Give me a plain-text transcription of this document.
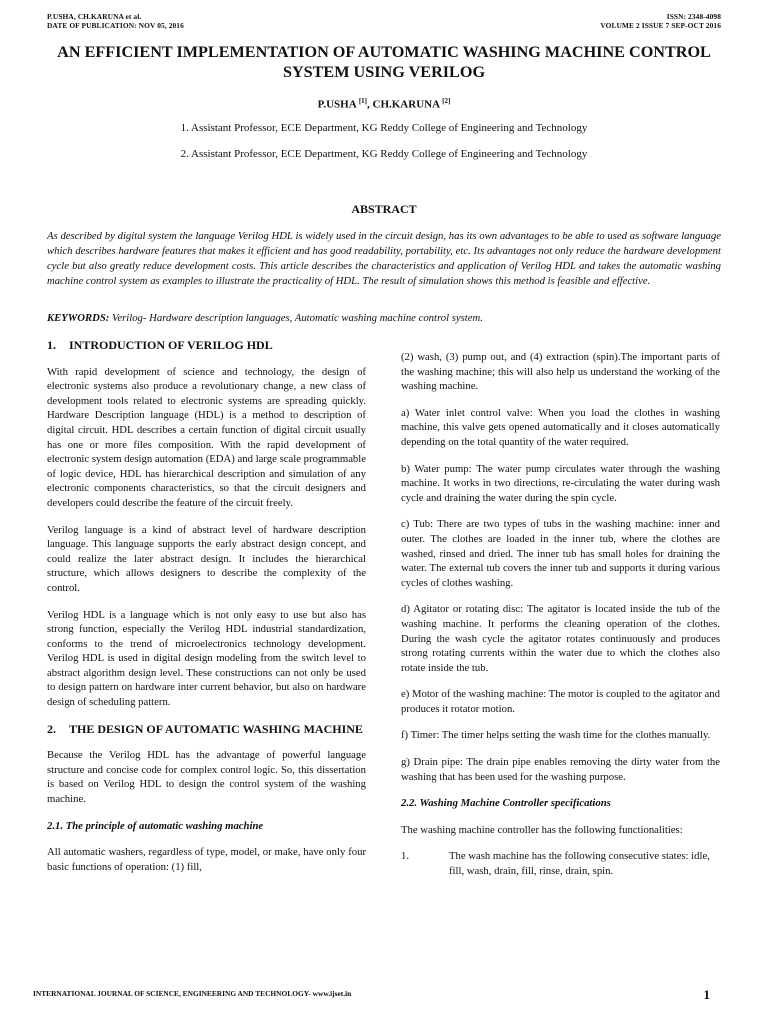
P.USHA, CH.KARUNA et al.
DATE OF PUBLICATION: NOV 05, 2016
ISSN: 2348-4098
VOLUME 2 ISSUE 7 SEP-OCT 2016
AN EFFICIENT IMPLEMENTATION OF AUTOMATIC WASHING MACHINE CONTROL SYSTEM USING VERILOG
P.USHA [1], CH.KARUNA [2]
1. Assistant Professor, ECE Department, KG Reddy College of Engineering and Technology
2. Assistant Professor, ECE Department, KG Reddy College of Engineering and Technology
ABSTRACT

As described by digital system the language Verilog HDL is widely used in the circuit design, has its own advantages to be able to used as software language which describes hardware features that makes it efficient and has good readability, portability, etc. Its advantages not only reduce the hardware development cycle but also greatly reduce development costs. This article describes the characteristics and application of Verilog HDL and takes the automatic washing machine control system as examples to illustrate the practicality of HDL. The result of simulation shows this method is feasible and effective.

KEYWORDS: Verilog- Hardware description languages, Automatic washing machine control system.

1.	INTRODUCTION OF VERILOG HDL

With rapid development of science and technology, the design of electronic systems also produce a revolutionary change, a new class of development tools related to electronic systems are spreading quickly. Hardware Description language (HDL) is a method to description of digital circuit. HDL describes a certain function of digital circuit usually has one or more files composition. With the rapid development of electronic system design automation (EDA) and large scale programmable of logic device, HDL has hierarchical description and simulation of any electronic components characteristics, so that the circuit designers and developers could describe the feature of the circuit freely.

Verilog language is a kind of abstract level of hardware description language. This language supports the early abstract design concept, and could realize the later abstract design. It includes the hierarchical structure, which allows designers to describe the complexity of the control.

Verilog HDL is a language which is not only easy to use but also has strong function, especially the Verilog HDL industrial standardization, conforms to the trend of microelectronics technology development. Verilog HDL is used in digital design modeling from the switch level to abstract algorithm design level. These constructions can not only be used to design pattern on hardware inter current behavior, but also on hardware design of scheduling pattern.

2.	THE DESIGN OF AUTOMATIC WASHING MACHINE

Because the Verilog HDL has the advantage of powerful language structure and concise code for complex control logic. So, this dissertation is based on Verilog HDL to design the control system of the washing machine.

2.1. The principle of automatic washing machine

All automatic washers, regardless of type, model, or make, have only four basic functions of operation: (1) fill,

(2) wash, (3) pump out, and (4) extraction (spin).The important parts of the washing machine; this will also help us understand the working of the washing machine.

a) Water inlet control valve: When you load the clothes in washing machine, this valve gets opened automatically and it closes automatically depending on the total quantity of the water required.

b) Water pump: The water pump circulates water through the washing machine. It works in two directions, re-circulating the water during wash cycle and draining the water during the spin cycle.

c) Tub: There are two types of tubs in the washing machine: inner and outer. The clothes are loaded in the inner tub, where the clothes are washed, rinsed and dried. The inner tub has small holes for draining the water. The external tub covers the inner tub and supports it during various cycles of clothes washing.

d) Agitator or rotating disc: The agitator is located inside the tub of the washing machine. It performs the cleaning operation of the clothes. During the wash cycle the agitator rotates continuously and produces strong rotating currents within the water due to which the clothes also rotate inside the tub.

e) Motor of the washing machine: The motor is coupled to the agitator and produces it rotator motion.

f) Timer: The timer helps setting the wash time for the clothes manually.

g) Drain pipe: The drain pipe enables removing the dirty water from the washing that has been used for the washing purpose.

2.2. Washing Machine Controller specifications

The washing machine controller has the following functionalities:

1.	The wash machine has the following consecutive states: idle, fill, wash, drain, fill, rinse, drain, spin.
INTERNATIONAL JOURNAL OF SCIENCE, ENGINEERING AND TECHNOLOGY- www.ijset.in	1
